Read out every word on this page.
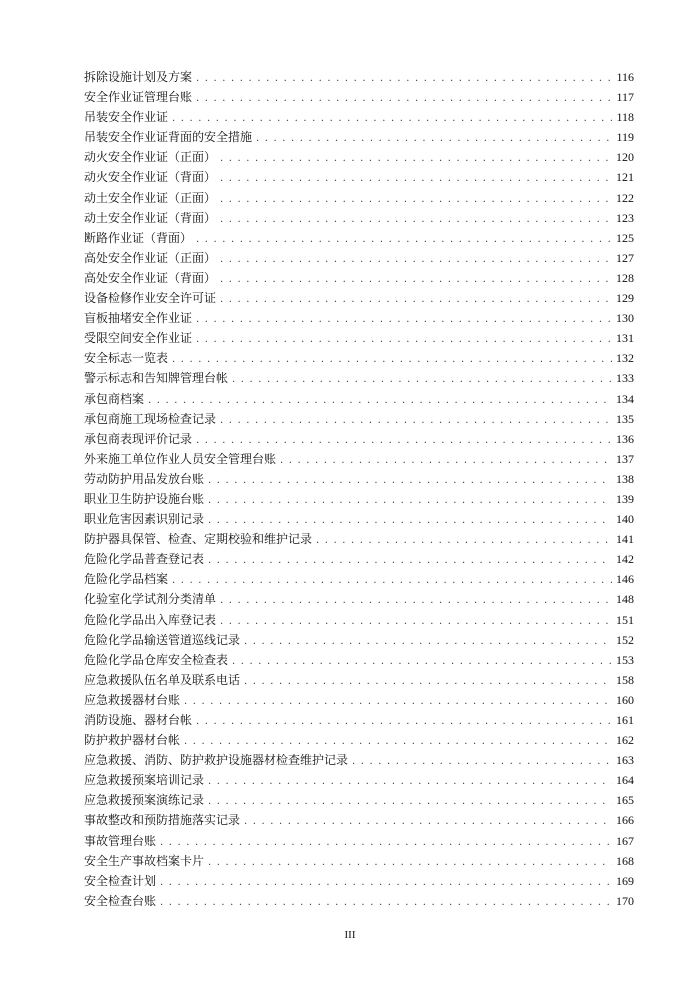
拆除设施计划及方案 . . .	116
安全作业证管理台账 . . .	117
吊装安全作业证 . . .	118
吊装安全作业证背面的安全措施 . . .	119
动火安全作业证（正面） . . .	120
动火安全作业证（背面） . . .	121
动土安全作业证（正面） . . .	122
动土安全作业证（背面） . . .	123
断路作业证（背面） . . .	125
高处安全作业证（正面） . . .	127
高处安全作业证（背面） . . .	128
设备检修作业安全许可证 . . .	129
盲板抽堵安全作业证 . . .	130
受限空间安全作业证 . . .	131
安全标志一览表 . . .	132
警示标志和告知牌管理台帐 . . .	133
承包商档案 . . .	134
承包商施工现场检查记录 . . .	135
承包商表现评价记录 . . .	136
外来施工单位作业人员安全管理台账 . . .	137
劳动防护用品发放台账 . . .	138
职业卫生防护设施台账 . . .	139
职业危害因素识别记录 . . .	140
防护器具保管、检查、定期校验和维护记录 . . .	141
危险化学品普查登记表 . . .	142
危险化学品档案 . . .	146
化验室化学试剂分类清单 . . .	148
危险化学品出入库登记表 . . .	151
危险化学品输送管道巡线记录 . . .	152
危险化学品仓库安全检查表 . . .	153
应急救援队伍名单及联系电话 . . .	158
应急救援器材台账 . . .	160
消防设施、器材台帐 . . .	161
防护救护器材台帐 . . .	162
应急救援、消防、防护救护设施器材检查维护记录 . . .	163
应急救援预案培训记录 . . .	164
应急救援预案演练记录 . . .	165
事故整改和预防措施落实记录 . . .	166
事故管理台账 . . .	167
安全生产事故档案卡片 . . .	168
安全检查计划 . . .	169
安全检查台账 . . .	170
III
